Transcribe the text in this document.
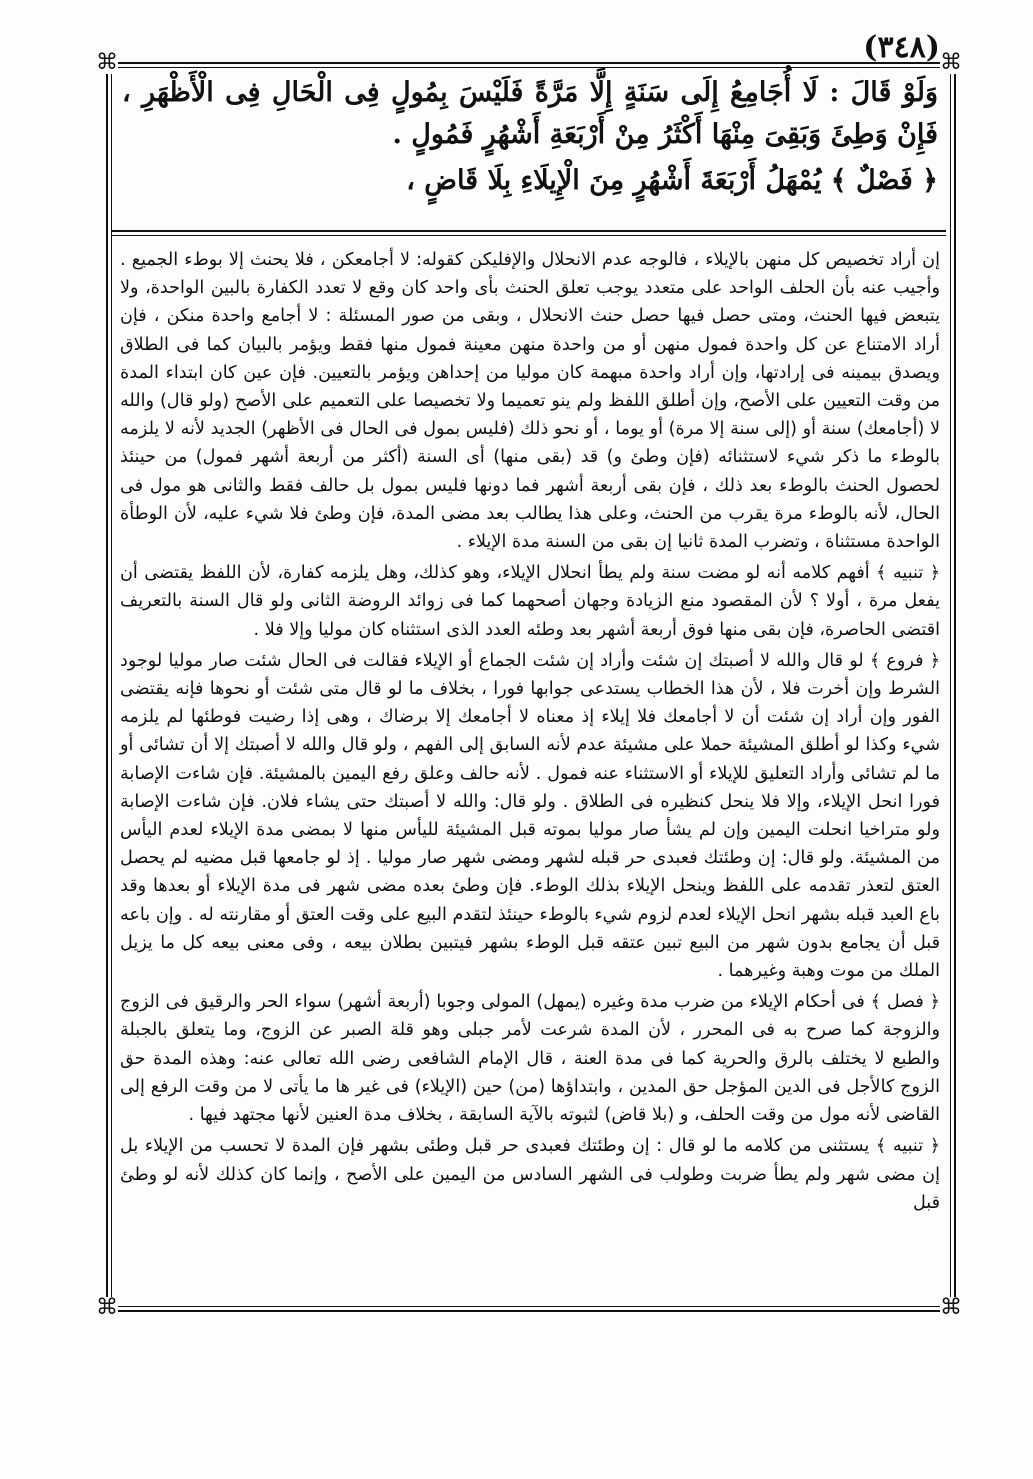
⌘	⌘
⌘	⌘
(٣٤٨)

وَلَوْ قَالَ : لَا أُجَامِعُ إِلَى سَنَةٍ إِلَّا مَرَّةً فَلَيْسَ بِمُولٍ فِى الْحَالِ فِى الْأَظْهَرِ ، فَإِنْ وَطِئَ وَبَقِىَ مِنْهَا أَكْثَرُ مِنْ أَرْبَعَةِ أَشْهُرٍ فَمُولٍ .

﴿ فَصْلٌ ﴾ يُمْهَلُ أَرْبَعَةَ أَشْهُرٍ مِنَ الْإِيلَاءِ بِلَا قَاضٍ ،

إن أراد تخصيص كل منهن بالإيلاء ، فالوجه عدم الانحلال والإفليكن كقوله: لا أجامعكن ، فلا يحنث إلا بوطء الجميع . وأجيب عنه بأن الحلف الواحد على متعدد يوجب تعلق الحنث بأى واحد كان وقع لا تعدد الكفارة بالبين الواحدة، ولا يتبعض فيها الحنث، ومتى حصل فيها حصل حنث الانحلال ، وبقى من صور المسئلة : لا أجامع واحدة منكن ، فإن أراد الامتناع عن كل واحدة فمول منهن أو من واحدة منهن معينة فمول منها فقط ويؤمر بالبيان كما فى الطلاق ويصدق بيمينه فى إرادتها، وإن أراد واحدة مبهمة كان موليا من إحداهن ويؤمر بالتعيين. فإن عين كان ابتداء المدة من وقت التعيين على الأصح، وإن أطلق اللفظ ولم ينو تعميما ولا تخصيصا على التعميم على الأصح (ولو قال) والله لا (أجامعك) سنة أو (إلى سنة إلا مرة) أو يوما ، أو نحو ذلك (فليس بمول فى الحال فى الأظهر) الجديد لأنه لا يلزمه بالوطء ما ذكر شيء لاستثنائه (فإن وطئ و) قد (بقى منها) أى السنة (أكثر من أربعة أشهر فمول) من حينئذ لحصول الحنث بالوطء بعد ذلك ، فإن بقى أربعة أشهر فما دونها فليس بمول بل حالف فقط والثانى هو مول فى الحال، لأنه بالوطء مرة يقرب من الحنث، وعلى هذا يطالب بعد مضى المدة، فإن وطئ فلا شيء عليه، لأن الوطأة الواحدة مستثناة ، وتضرب المدة ثانيا إن بقى من السنة مدة الإيلاء .

﴿ تنبيه ﴾ أفهم كلامه أنه لو مضت سنة ولم يطأ انحلال الإيلاء، وهو كذلك، وهل يلزمه كفارة، لأن اللفظ يقتضى أن يفعل مرة ، أولا ؟ لأن المقصود منع الزيادة وجهان أصحهما كما فى زوائد الروضة الثانى ولو قال السنة بالتعريف اقتضى الحاصرة، فإن بقى منها فوق أربعة أشهر بعد وطئه العدد الذى استثناه كان موليا وإلا فلا .

﴿ فروع ﴾ لو قال والله لا أصبتك إن شئت وأراد إن شئت الجماع أو الإيلاء فقالت فى الحال شئت صار موليا لوجود الشرط وإن أخرت فلا ، لأن هذا الخطاب يستدعى جوابها فورا ، بخلاف ما لو قال متى شئت أو نحوها فإنه يقتضى الفور وإن أراد إن شئت أن لا أجامعك فلا إيلاء إذ معناه لا أجامعك إلا برضاك ، وهى إذا رضيت فوطئها لم يلزمه شيء وكذا لو أطلق المشيئة حملا على مشيئة عدم لأنه السابق إلى الفهم ، ولو قال والله لا أصبتك إلا أن تشائى أو ما لم تشائى وأراد التعليق للإيلاء أو الاستثناء عنه فمول . لأنه حالف وعلق رفع اليمين بالمشيئة. فإن شاءت الإصابة فورا انحل الإيلاء، وإلا فلا ينحل كنظيره فى الطلاق . ولو قال: والله لا أصبتك حتى يشاء فلان. فإن شاءت الإصابة ولو متراخيا انحلت اليمين وإن لم يشأ صار موليا بموته قبل المشيئة لليأس منها لا بمضى مدة الإيلاء لعدم اليأس من المشيئة. ولو قال: إن وطئتك فعبدى حر قبله لشهر ومضى شهر صار موليا . إذ لو جامعها قبل مضيه لم يحصل العتق لتعذر تقدمه على اللفظ وينحل الإيلاء بذلك الوطء. فإن وطئ بعده مضى شهر فى مدة الإيلاء أو بعدها وقد باع العبد قبله بشهر انحل الإيلاء لعدم لزوم شيء بالوطء حينئذ لتقدم البيع على وقت العتق أو مقارنته له . وإن باعه قبل أن يجامع بدون شهر من البيع تبين عتقه قبل الوطء بشهر فيتبين بطلان بيعه ، وفى معنى بيعه كل ما يزيل الملك من موت وهبة وغيرهما .

﴿ فصل ﴾ فى أحكام الإيلاء من ضرب مدة وغيره (يمهل) المولى وجوبا (أربعة أشهر) سواء الحر والرقيق فى الزوج والزوجة كما صرح به فى المحرر ، لأن المدة شرعت لأمر جبلى وهو قلة الصبر عن الزوج، وما يتعلق بالجبلة والطبع لا يختلف بالرق والحرية كما فى مدة العنة ، قال الإمام الشافعى رضى الله تعالى عنه: وهذه المدة حق الزوج كالأجل فى الدين المؤجل حق المدين ، وابتداؤها (من) حين (الإيلاء) فى غير ها ما يأتى لا من وقت الرفع إلى القاضى لأنه مول من وقت الحلف، و (بلا قاض) لثبوته بالآية السابقة ، بخلاف مدة العنين لأنها مجتهد فيها .

﴿ تنبيه ﴾ يستثنى من كلامه ما لو قال : إن وطئتك فعبدى حر قبل وطئى بشهر فإن المدة لا تحسب من الإيلاء بل إن مضى شهر ولم يطأ ضربت وطولب فى الشهر السادس من اليمين على الأصح ، وإنما كان كذلك لأنه لو وطئ قبل
